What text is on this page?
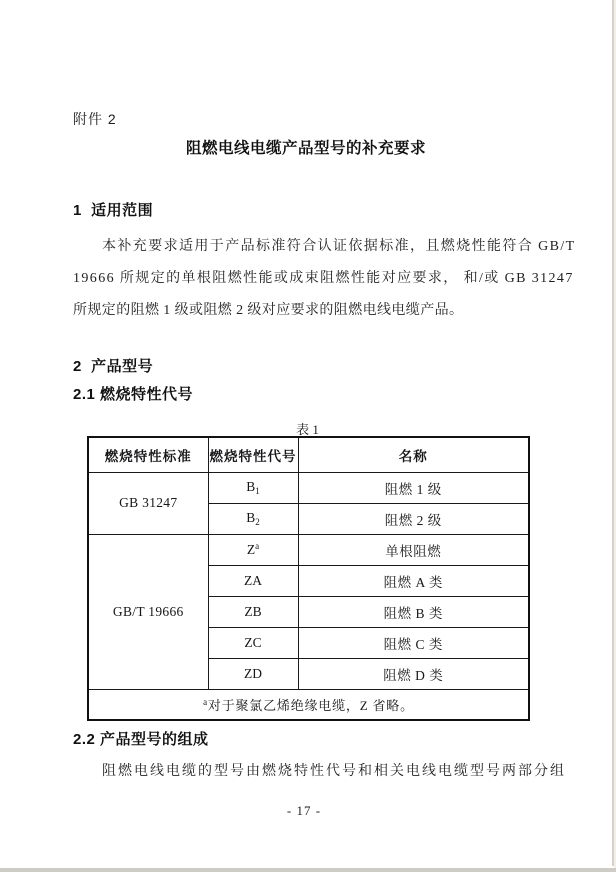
附件 2
阻燃电线电缆产品型号的补充要求
1  适用范围
本补充要求适用于产品标准符合认证依据标准，且燃烧性能符合 GB/T
19666 所规定的单根阻燃性能或成束阻燃性能对应要求， 和/或 GB 31247
所规定的阻燃 1 级或阻燃 2 级对应要求的阻燃电线电缆产品。
2  产品型号
2.1 燃烧特性代号
表 1
燃烧特性标准	燃烧特性代号	名称
GB 31247	$B_1$	阻燃 1 级
	$B_2$	阻燃 2 级
GB/T 19666	$Z^a$	单根阻燃
	ZA	阻燃 A 类
	ZB	阻燃 B 类
	ZC	阻燃 C 类
	ZD	阻燃 D 类
$^a$对于聚氯乙烯绝缘电缆，Z 省略。		
2.2 产品型号的组成
阻燃电线电缆的型号由燃烧特性代号和相关电线电缆型号两部分组
- 17 -
